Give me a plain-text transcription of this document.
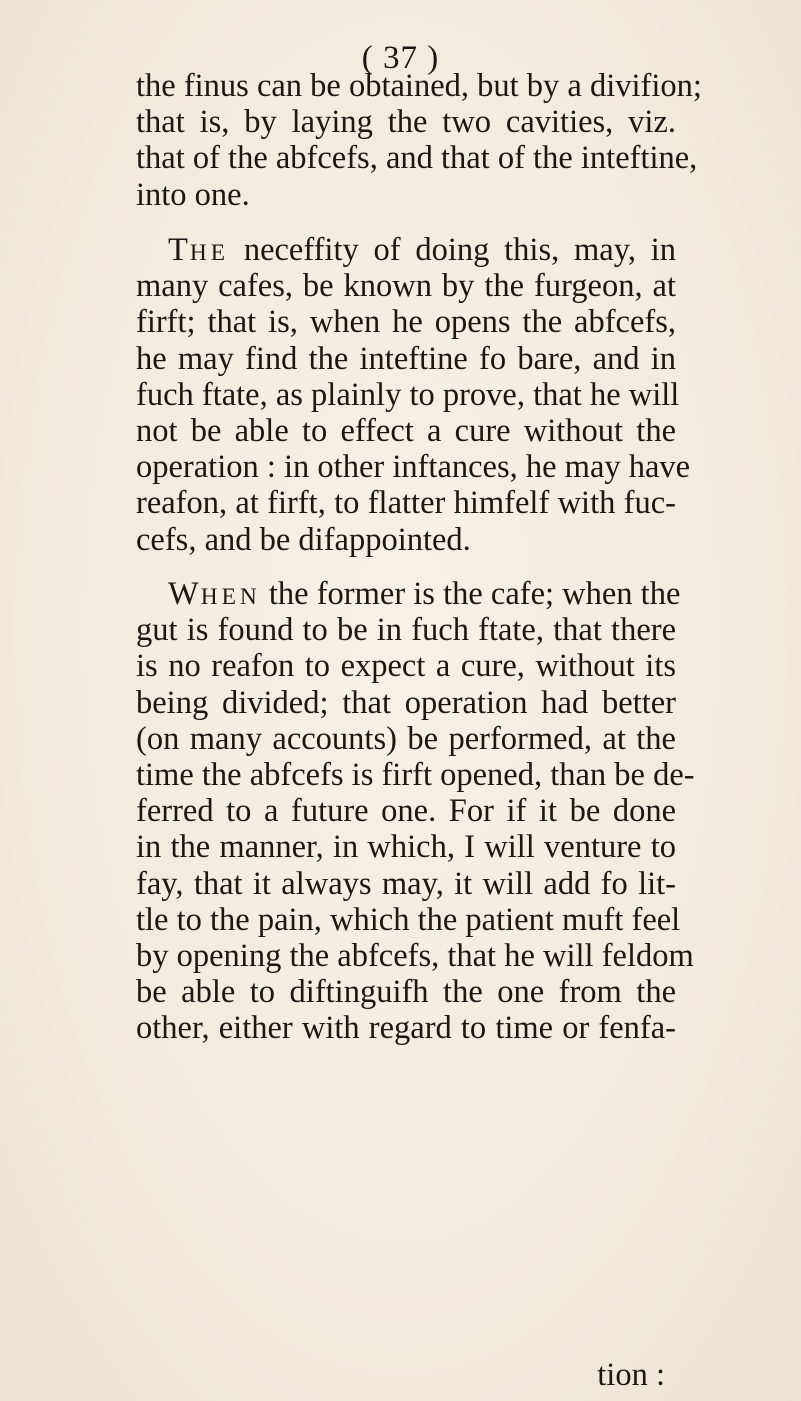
( 37 )
the finus can be obtained, but by a divifion;
that is, by laying the two cavities, viz.
that of the abfcefs, and that of the inteftine,
into one.
THE neceffity of doing this, may, in
many cafes, be known by the furgeon, at
firft; that is, when he opens the abfcefs,
he may find the inteftine fo bare, and in
fuch ftate, as plainly to prove, that he will
not be able to effect a cure without the
operation : in other inftances, he may have
reafon, at firft, to flatter himfelf with fuc-
cefs, and be difappointed.
WHEN the former is the cafe; when the
gut is found to be in fuch ftate, that there
is no reafon to expect a cure, without its
being divided; that operation had better
(on many accounts) be performed, at the
time the abfcefs is firft opened, than be de-
ferred to a future one. For if it be done
in the manner, in which, I will venture to
fay, that it always may, it will add fo lit-
tle to the pain, which the patient muft feel
by opening the abfcefs, that he will feldom
be able to diftinguifh the one from the
other, either with regard to time or fenfa-
tion :
